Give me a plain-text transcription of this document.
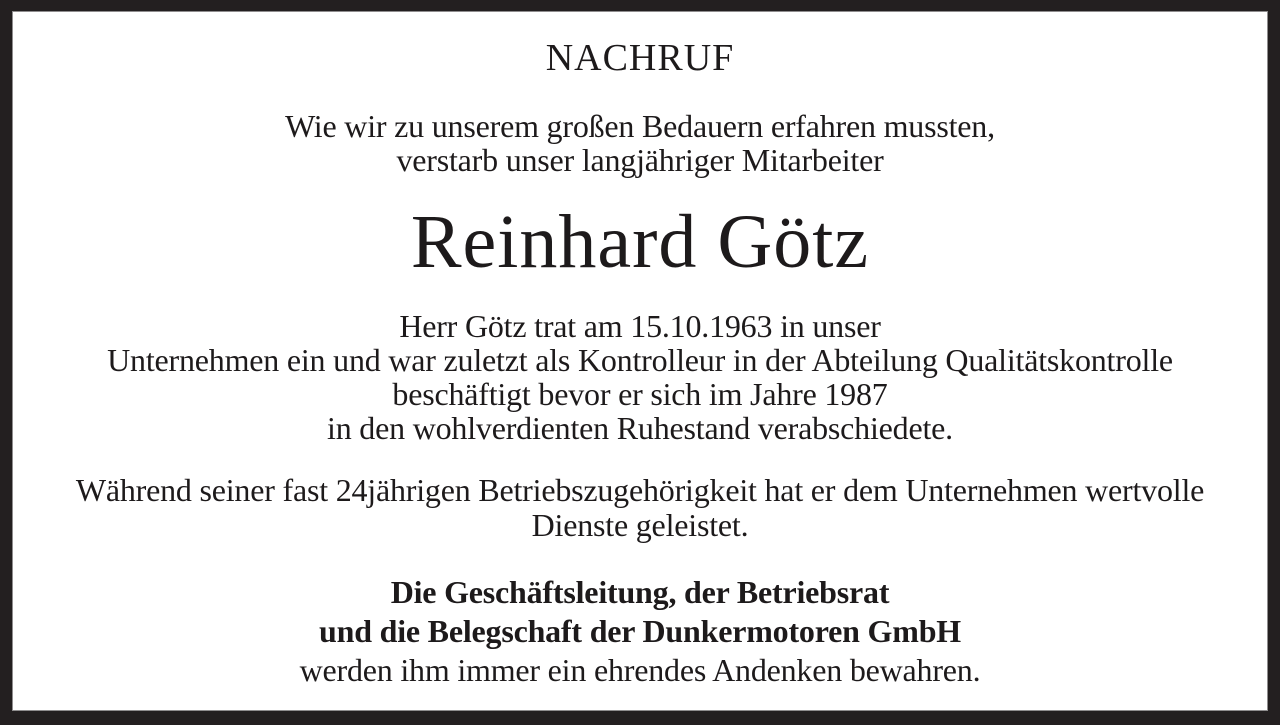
NACHRUF

Wie wir zu unserem großen Bedauern erfahren mussten,
verstarb unser langjähriger Mitarbeiter

Reinhard Götz

Herr Götz trat am 15.10.1963 in unser
Unternehmen ein und war zuletzt als Kontrolleur in der Abteilung Qualitätskontrolle
beschäftigt bevor er sich im Jahre 1987
in den wohlverdienten Ruhestand verabschiedete.

Während seiner fast 24jährigen Betriebszugehörigkeit hat er dem Unternehmen wertvolle
Dienste geleistet.

Die Geschäftsleitung, der Betriebsrat
und die Belegschaft der Dunkermotoren GmbH
werden ihm immer ein ehrendes Andenken bewahren.
